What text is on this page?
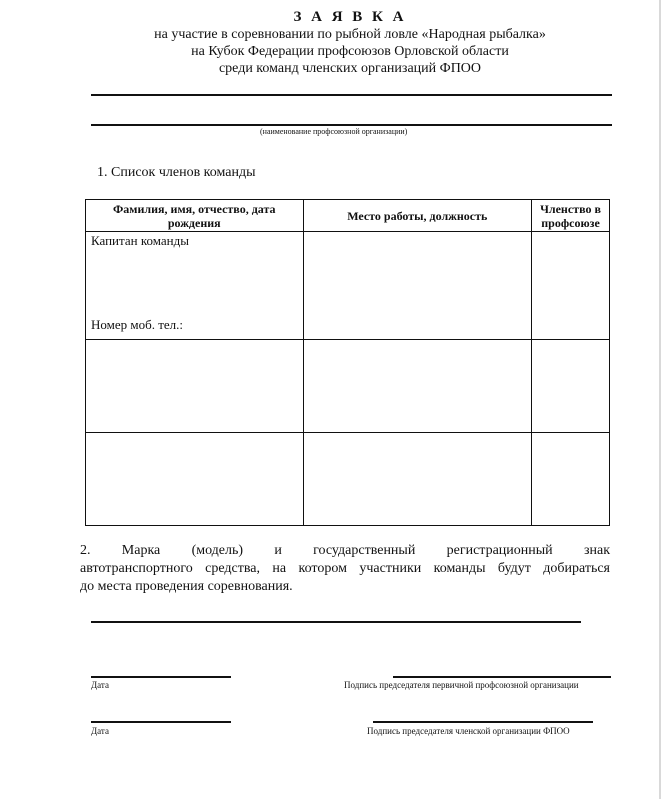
З А Я В К А
на участие в соревновании по рыбной ловле «Народная рыбалка»
на Кубок Федерации профсоюзов Орловской области
среди команд членских организаций ФПОО
(наименование профсоюзной организации)
1. Список членов команды
Фамилия, имя, отчество, дата рождения	Место работы, должность	Членство в профсоюзе

Капитан команды
Номер моб. тел.:		

2. Марка (модель) и государственный регистрационный знак
автотранспортного средства, на котором участники команды будут добираться
до места проведения соревнования.
Дата	Подпись председателя первичной профсоюзной организации
Дата	Подпись председателя членской организации ФПОО
